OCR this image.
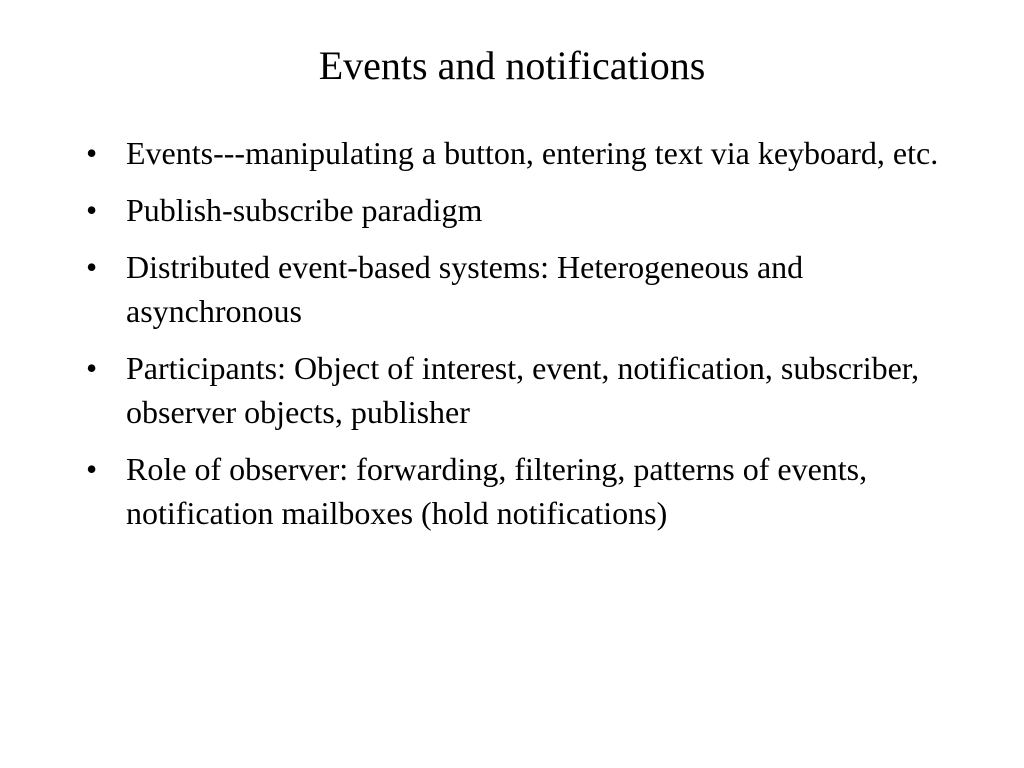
Events and notifications
• Events---manipulating a button, entering text via keyboard, etc.
• Publish-subscribe paradigm
• Distributed event-based systems: Heterogeneous and asynchronous
• Participants: Object of interest, event, notification, subscriber, observer objects, publisher
• Role of observer: forwarding, filtering, patterns of events, notification mailboxes (hold notifications)
